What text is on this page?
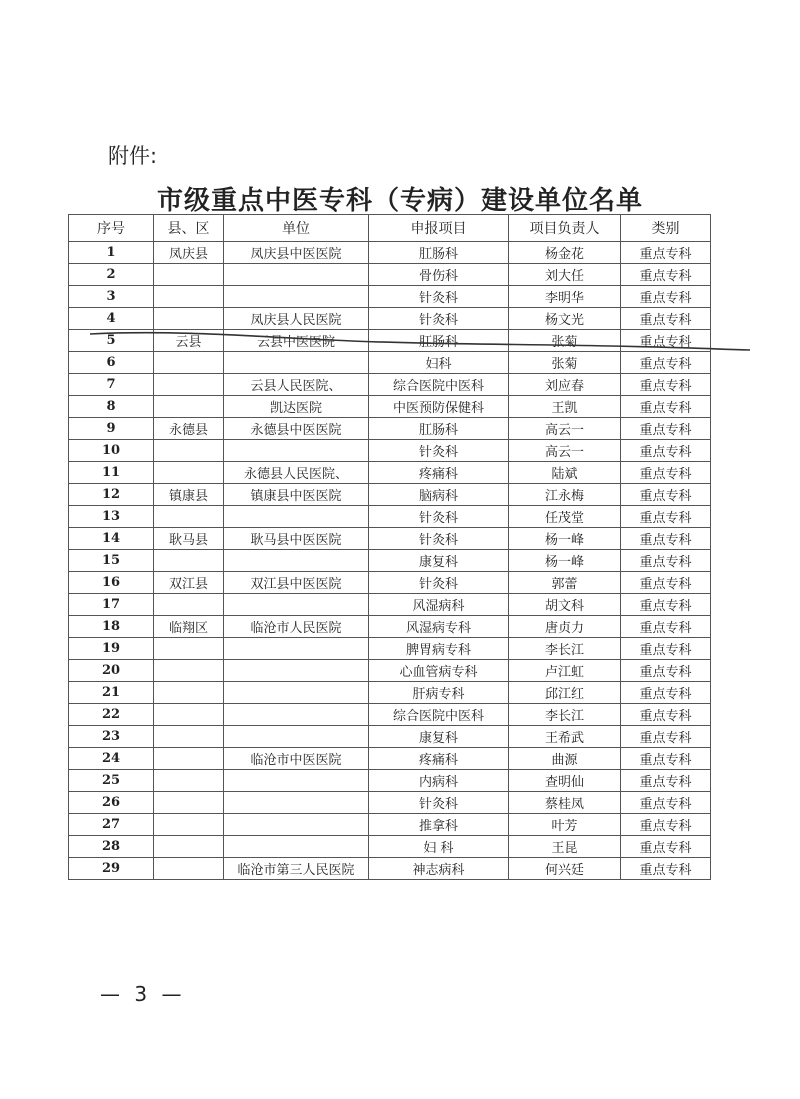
附件:
市级重点中医专科（专病）建设单位名单
序号	县、区	单位	申报项目	项目负责人	类别
1	凤庆县	凤庆县中医医院	肛肠科	杨金花	重点专科
2			骨伤科	刘大任	重点专科
3			针灸科	李明华	重点专科
4		凤庆县人民医院	针灸科	杨文光	重点专科
5	云县	云县中医医院	肛肠科	张菊	重点专科
6			妇科	张菊	重点专科
7		云县人民医院、	综合医院中医科	刘应春	重点专科
8		凯达医院	中医预防保健科	王凯	重点专科
9	永德县	永德县中医医院	肛肠科	高云一	重点专科
10			针灸科	高云一	重点专科
11		永德县人民医院、	疼痛科	陆斌	重点专科
12	镇康县	镇康县中医医院	脑病科	江永梅	重点专科
13			针灸科	任茂堂	重点专科
14	耿马县	耿马县中医医院	针灸科	杨一峰	重点专科
15			康复科	杨一峰	重点专科
16	双江县	双江县中医医院	针灸科	郭蕾	重点专科
17			风湿病科	胡文科	重点专科
18	临翔区	临沧市人民医院	风湿病专科	唐贞力	重点专科
19			脾胃病专科	李长江	重点专科
20			心血管病专科	卢江虹	重点专科
21			肝病专科	邱江红	重点专科
22			综合医院中医科	李长江	重点专科
23			康复科	王希武	重点专科
24		临沧市中医医院	疼痛科	曲源	重点专科
25			内病科	查明仙	重点专科
26			针灸科	蔡桂凤	重点专科
27			推拿科	叶芳	重点专科
28			妇 科	王昆	重点专科
29		临沧市第三人民医院	神志病科	何兴廷	重点专科
— 3 —
